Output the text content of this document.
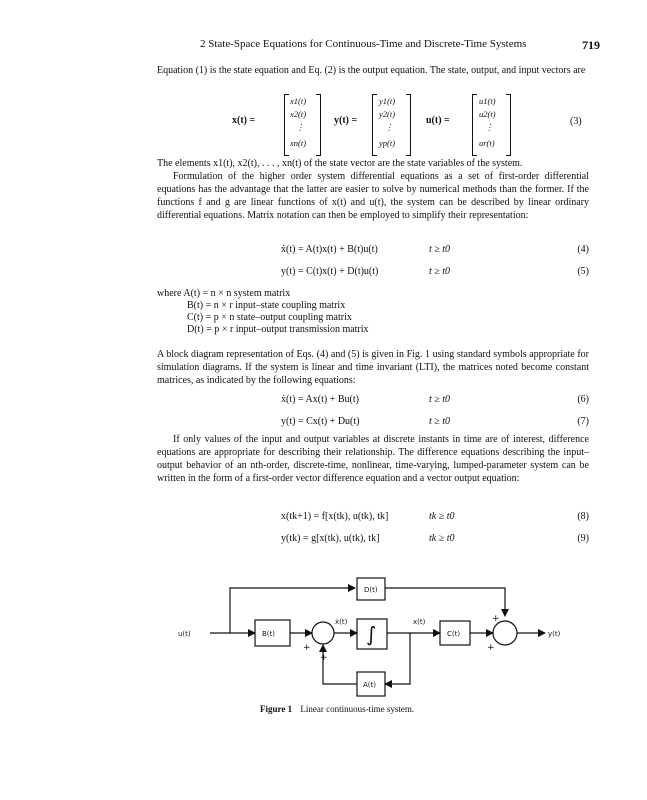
2 State-Space Equations for Continuous-Time and Discrete-Time Systems	719
Equation (1) is the state equation and Eq. (2) is the output equation. The state, output, and input vectors are
x(t) =
x1(t)
x2(t)
⋮
xn(t)
y(t) =
y1(t)
y2(t)
⋮
yp(t)
u(t) =
u1(t)
u2(t)
⋮
ur(t)
(3)
The elements x1(t), x2(t), . . . , xn(t) of the state vector are the state variables of the system.
Formulation of the higher order system differential equations as a set of first-order differential equations has the advantage that the latter are easier to solve by numerical methods than the former. If the functions f and g are linear functions of x(t) and u(t), the system can be described by linear ordinary differential equations. Matrix notation can then be employed to simplify their representation:
ẋ(t) = A(t)x(t) + B(t)u(t)	t ≥ t0	(4)
y(t) = C(t)x(t) + D(t)u(t)	t ≥ t0	(5)
where A(t) = n × n system matrix
B(t) = n × r input–state coupling matrix
C(t) = p × n state–output coupling matrix
D(t) = p × r input–output transmission matrix
A block diagram representation of Eqs. (4) and (5) is given in Fig. 1 using standard symbols appropriate for simulation diagrams. If the system is linear and time invariant (LTI), the matrices noted become constant matrices, as indicated by the following equations:
ẋ(t) = Ax(t) + Bu(t)	t ≥ t0	(6)
y(t) = Cx(t) + Du(t)	t ≥ t0	(7)
If only values of the input and output variables at discrete instants in time are of interest, difference equations are appropriate for describing their relationship. The difference equations describing the input–output behavior of an nth-order, discrete-time, nonlinear, time-varying, lumped-parameter system can be written in the form of a first-order vector difference equation and a vector output equation:
x(tk+1) = f[x(tk), u(tk), tk]	tk ≥ t0	(8)
y(tk) = g[x(tk), u(tk), tk]	tk ≥ t0	(9)
u(t)	B(t)
D(t)
∫	C(t)
A(t)
ẋ(t)	x(t)
y(t)
+
+
+
+
Figure 1 Linear continuous-time system.
